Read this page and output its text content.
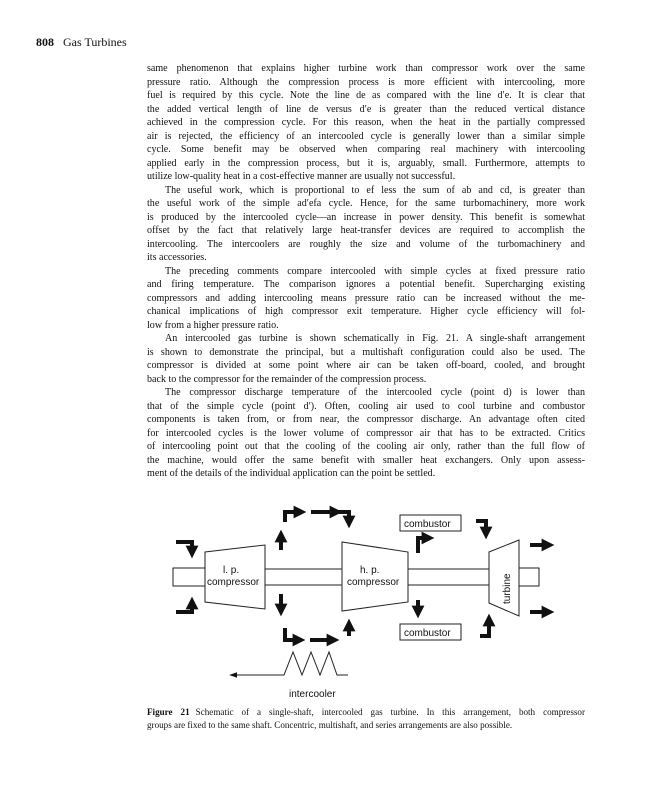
808 Gas Turbines

same phenomenon that explains higher turbine work than compressor work over the same

pressure ratio. Although the compression process is more efficient with intercooling, more

fuel is required by this cycle. Note the line de as compared with the line d′e. It is clear that

the added vertical length of line de versus d′e is greater than the reduced vertical distance

achieved in the compression cycle. For this reason, when the heat in the partially compressed

air is rejected, the efficiency of an intercooled cycle is generally lower than a similar simple

cycle. Some benefit may be observed when comparing real machinery with intercooling

applied early in the compression process, but it is, arguably, small. Furthermore, attempts to

utilize low-quality heat in a cost-effective manner are usually not successful.

The useful work, which is proportional to ef less the sum of ab and cd, is greater than

the useful work of the simple ad′efa cycle. Hence, for the same turbomachinery, more work

is produced by the intercooled cycle—an increase in power density. This benefit is somewhat

offset by the fact that relatively large heat-transfer devices are required to accomplish the

intercooling. The intercoolers are roughly the size and volume of the turbomachinery and

its accessories.

The preceding comments compare intercooled with simple cycles at fixed pressure ratio

and firing temperature. The comparison ignores a potential benefit. Supercharging existing

compressors and adding intercooling means pressure ratio can be increased without the me-

chanical implications of high compressor exit temperature. Higher cycle efficiency will fol-

low from a higher pressure ratio.

An intercooled gas turbine is shown schematically in Fig. 21. A single-shaft arrangement

is shown to demonstrate the principal, but a multishaft configuration could also be used. The

compressor is divided at some point where air can be taken off-board, cooled, and brought

back to the compressor for the remainder of the compression process.

The compressor discharge temperature of the intercooled cycle (point d) is lower than

that of the simple cycle (point d′). Often, cooling air used to cool turbine and combustor

components is taken from, or from near, the compressor discharge. An advantage often cited

for intercooled cycles is the lower volume of compressor air that has to be extracted. Critics

of intercooling point out that the cooling of the cooling air only, rather than the full flow of

the machine, would offer the same benefit with smaller heat exchangers. Only upon assess-

ment of the details of the individual application can the point be settled.

l. p.
compressor
h. p.
compressor	turbine
combustor
combustor
intercooler
Figure 21 Schematic of a single-shaft, intercooled gas turbine. In this arrangement, both compressor
groups are fixed to the same shaft. Concentric, multishaft, and series arrangements are also possible.
